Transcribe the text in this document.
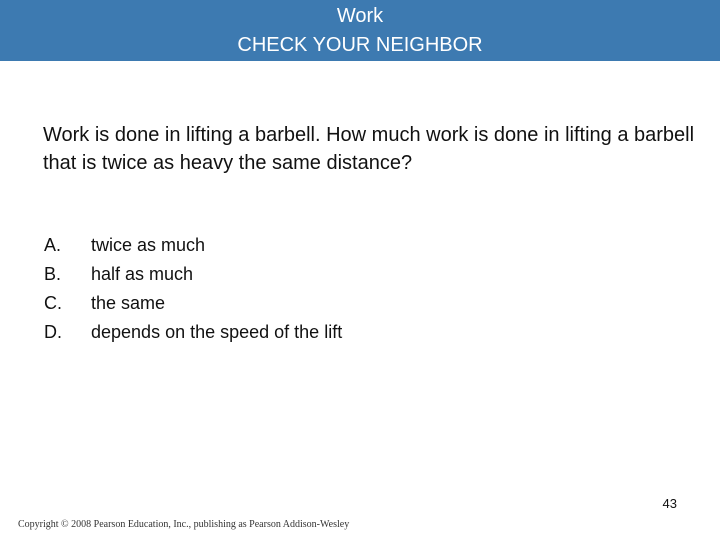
Work
CHECK YOUR NEIGHBOR
Work is done in lifting a barbell. How much work is done in lifting a barbell that is twice as heavy the same distance?
A. twice as much
B. half as much
C. the same
D. depends on the speed of the lift
43
Copyright © 2008 Pearson Education, Inc., publishing as Pearson Addison-Wesley
